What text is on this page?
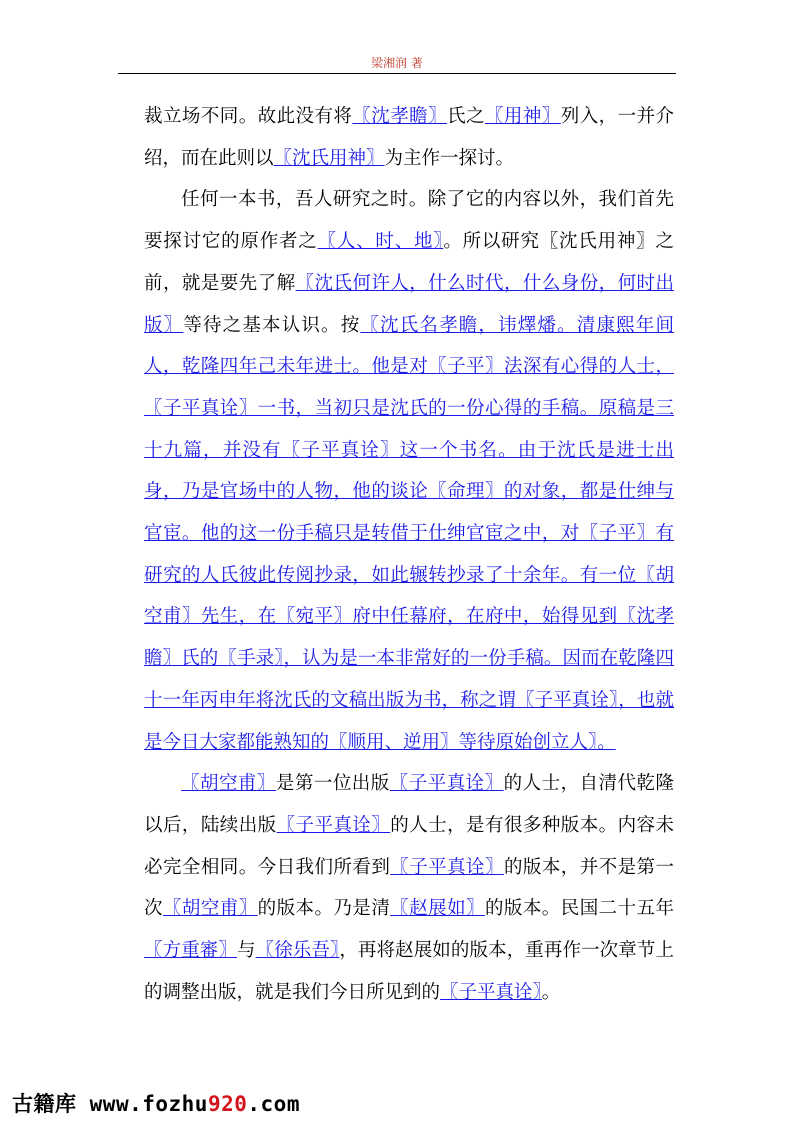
梁湘润 著

裁立场不同。故此没有将〖沈孝瞻〗氏之〖用神〗列入，一并介绍，而在此则以〖沈氏用神〗为主作一探讨。

任何一本书，吾人研究之时。除了它的内容以外，我们首先要探讨它的原作者之〖人、时、地〗。所以研究〖沈氏用神〗之前，就是要先了解〖沈氏何许人，什么时代，什么身份，何时出版〗等待之基本认识。按〖沈氏名孝瞻，讳燡燔。清康熙年间人，乾隆四年己未年进士。他是对〖子平〗法深有心得的人士，〖子平真诠〗一书，当初只是沈氏的一份心得的手稿。原稿是三十九篇，并没有〖子平真诠〗这一个书名。由于沈氏是进士出身，乃是官场中的人物，他的谈论〖命理〗的对象，都是仕绅与官宦。他的这一份手稿只是转借于仕绅官宦之中，对〖子平〗有研究的人氏彼此传阅抄录，如此辗转抄录了十余年。有一位〖胡空甫〗先生，在〖宛平〗府中任幕府，在府中，始得见到〖沈孝瞻〗氏的〖手录〗，认为是一本非常好的一份手稿。因而在乾隆四十一年丙申年将沈氏的文稿出版为书，称之谓〖子平真诠〗，也就是今日大家都能熟知的〖顺用、逆用〗等待原始创立人〗。

〖胡空甫〗是第一位出版〖子平真诠〗的人士，自清代乾隆以后，陆续出版〖子平真诠〗的人士，是有很多种版本。内容未必完全相同。今日我们所看到〖子平真诠〗的版本，并不是第一次〖胡空甫〗的版本。乃是清〖赵展如〗的版本。民国二十五年〖方重審〗与〖徐乐吾〗，再将赵展如的版本，重再作一次章节上的调整出版，就是我们今日所见到的〖子平真诠〗。

古籍库 www.fozhu920.com
